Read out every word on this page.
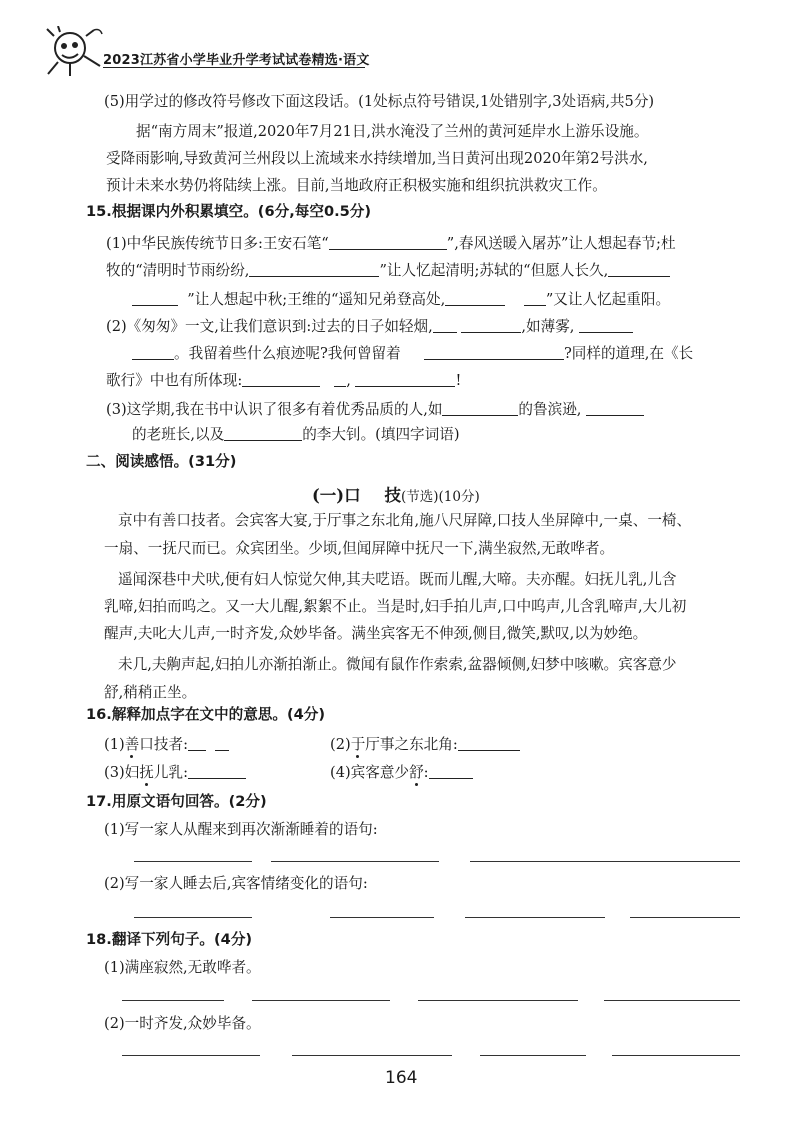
2023江苏省小学毕业升学考试试卷精选·语文
(5)用学过的修改符号修改下面这段话。(1处标点符号错误,1处错别字,3处语病,共5分)
据“南方周末”报道,2020年7月21日,洪水淹没了兰州的黄河延岸水上游乐设施。
受降雨影响,导致黄河兰州段以上流域来水持续增加,当日黄河出现2020年第2号洪水,
预计未来水势仍将陆续上涨。目前,当地政府正积极实施和组织抗洪救灾工作。
15.根据课内外积累填空。(6分,每空0.5分)
(1)中华民族传统节日多:王安石笔“	”,春风送暖入屠苏”让人想起春节;杜
牧的“清明时节雨纷纷,	”让人忆起清明;苏轼的“但愿人长久,
”让人想起中秋;王维的“遥知兄弟登高处,	”又让人忆起重阳。
(2)《匆匆》一文,让我们意识到:过去的日子如轻烟,	,如薄雾,
。我留着些什么痕迹呢?我何曾留着	?同样的道理,在《长
歌行》中也有所体现:	,	!
(3)这学期,我在书中认识了很多有着优秀品质的人,如	的鲁滨逊,
的老班长,以及	的李大钊。(填四字词语)
二、阅读感悟。(31分)
(一)口 技(节选)(10分)
京中有善口技者。会宾客大宴,于厅事之东北角,施八尺屏障,口技人坐屏障中,一桌、一椅、
一扇、一抚尺而已。众宾团坐。少顷,但闻屏障中抚尺一下,满坐寂然,无敢哗者。
遥闻深巷中犬吠,便有妇人惊觉欠伸,其夫呓语。既而儿醒,大啼。夫亦醒。妇抚儿乳,儿含
乳啼,妇拍而呜之。又一大儿醒,絮絮不止。当是时,妇手拍儿声,口中呜声,儿含乳啼声,大儿初
醒声,夫叱大儿声,一时齐发,众妙毕备。满坐宾客无不伸颈,侧目,微笑,默叹,以为妙绝。
未几,夫齁声起,妇拍儿亦渐拍渐止。微闻有鼠作作索索,盆器倾侧,妇梦中咳嗽。宾客意少
舒,稍稍正坐。
16.解释加点字在文中的意思。(4分)
(1)善口技者:	(2)于厅事之东北角:
(3)妇抚儿乳:	(4)宾客意少舒:
17.用原文语句回答。(2分)
(1)写一家人从醒来到再次渐渐睡着的语句:
(2)写一家人睡去后,宾客情绪变化的语句:
18.翻译下列句子。(4分)
(1)满座寂然,无敢哗者。
(2)一时齐发,众妙毕备。
164
